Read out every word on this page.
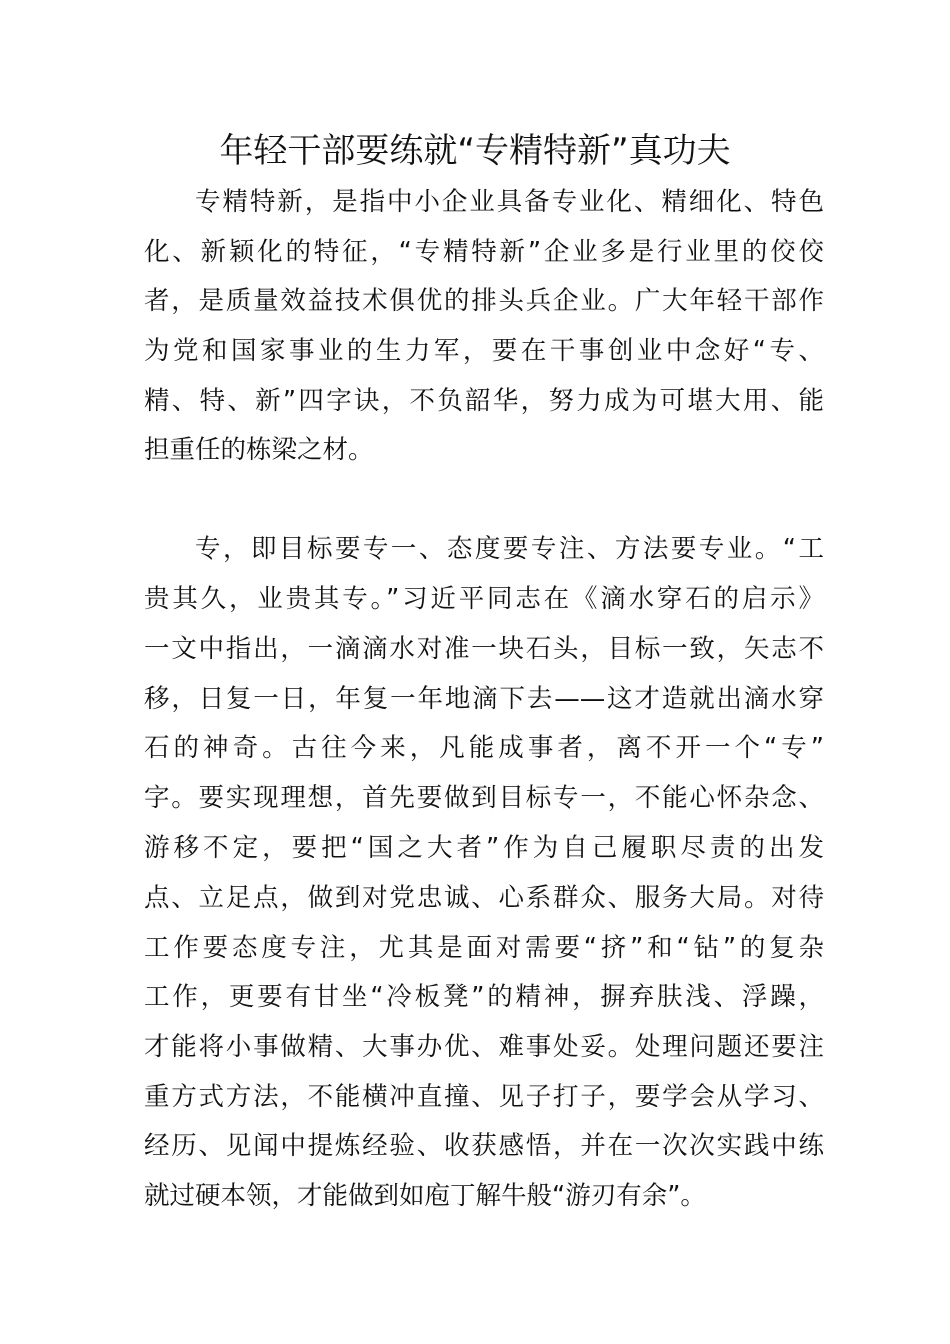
年轻干部要练就“专精特新”真功夫
专精特新，是指中小企业具备专业化、精细化、特色
化、新颖化的特征，“专精特新”企业多是行业里的佼佼
者，是质量效益技术俱优的排头兵企业。广大年轻干部作
为党和国家事业的生力军，要在干事创业中念好“专、
精、特、新”四字诀，不负韶华，努力成为可堪大用、能
担重任的栋梁之材。
专，即目标要专一、态度要专注、方法要专业。“工
贵其久，业贵其专。”习近平同志在《滴水穿石的启示》
一文中指出，一滴滴水对准一块石头，目标一致，矢志不
移，日复一日，年复一年地滴下去——这才造就出滴水穿
石的神奇。古往今来，凡能成事者，离不开一个“专”
字。要实现理想，首先要做到目标专一，不能心怀杂念、
游移不定，要把“国之大者”作为自己履职尽责的出发
点、立足点，做到对党忠诚、心系群众、服务大局。对待
工作要态度专注，尤其是面对需要“挤”和“钻”的复杂
工作，更要有甘坐“冷板凳”的精神，摒弃肤浅、浮躁，
才能将小事做精、大事办优、难事处妥。处理问题还要注
重方式方法，不能横冲直撞、见子打子，要学会从学习、
经历、见闻中提炼经验、收获感悟，并在一次次实践中练
就过硬本领，才能做到如庖丁解牛般“游刃有余”。
